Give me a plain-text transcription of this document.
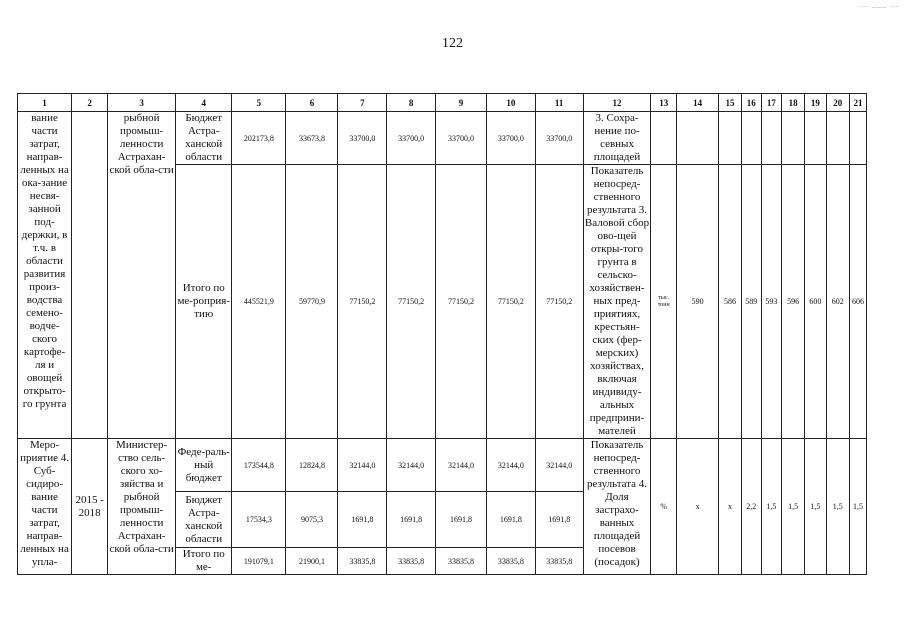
... ___ ...
122
1	2	3	4	5	6	7	8	9	10	11	12	13	14	15	16	17	18	19	20	21
вание части затрат, направ-ленных на ока-зание несвя-занной под-держки, в т.ч. в области развития произ-водства семено-водче-ского картофе-ля и овощей открыто-го грунта		рыбной промыш-ленности Астрахан-ской обла-сти	Бюджет Астра-ханской области	202173,8	33673,8	33700,0	33700,0	33700,0	33700,0	33700,0	3. Сохра-нение по-севных площадей									
			Итого по ме-роприя-тию	445521,9	59770,9	77150,2	77150,2	77150,2	77150,2	77150,2	Показатель непосред-ственного результата 3. Валовой сбор ово-щей откры-того грунта в сельско-хозяйствен-ных пред-приятиях, крестьян-ских (фер-мерских) хозяйствах, включая индивиду-альных предприни-мателей	тыс. тонн	590	586	589	593	596	600	602	606
Меро-приятие 4. Суб-сидиро-вание части затрат, направ-ленных на упла-	2015 - 2018	Министер-ство сель-ского хо-зяйства и рыбной промыш-ленности Астрахан-ской обла-сти	Феде-раль-ный бюджет	173544,8	12824,8	32144,0	32144,0	32144,0	32144,0	32144,0	Показатель непосред-ственного результата 4. Доля застрахо-ванных площадей посевов (посадок)	%	х	х	2,2	1,5	1,5	1,5	1,5	1,5
			Бюджет Астра-ханской области	17534,3	9075,3	1691,8	1691,8	1691,8	1691,8	1691,8										
			Итого по ме-	191079,1	21900,1	33835,8	33835,8	33835,8	33835,8	33835,8										
